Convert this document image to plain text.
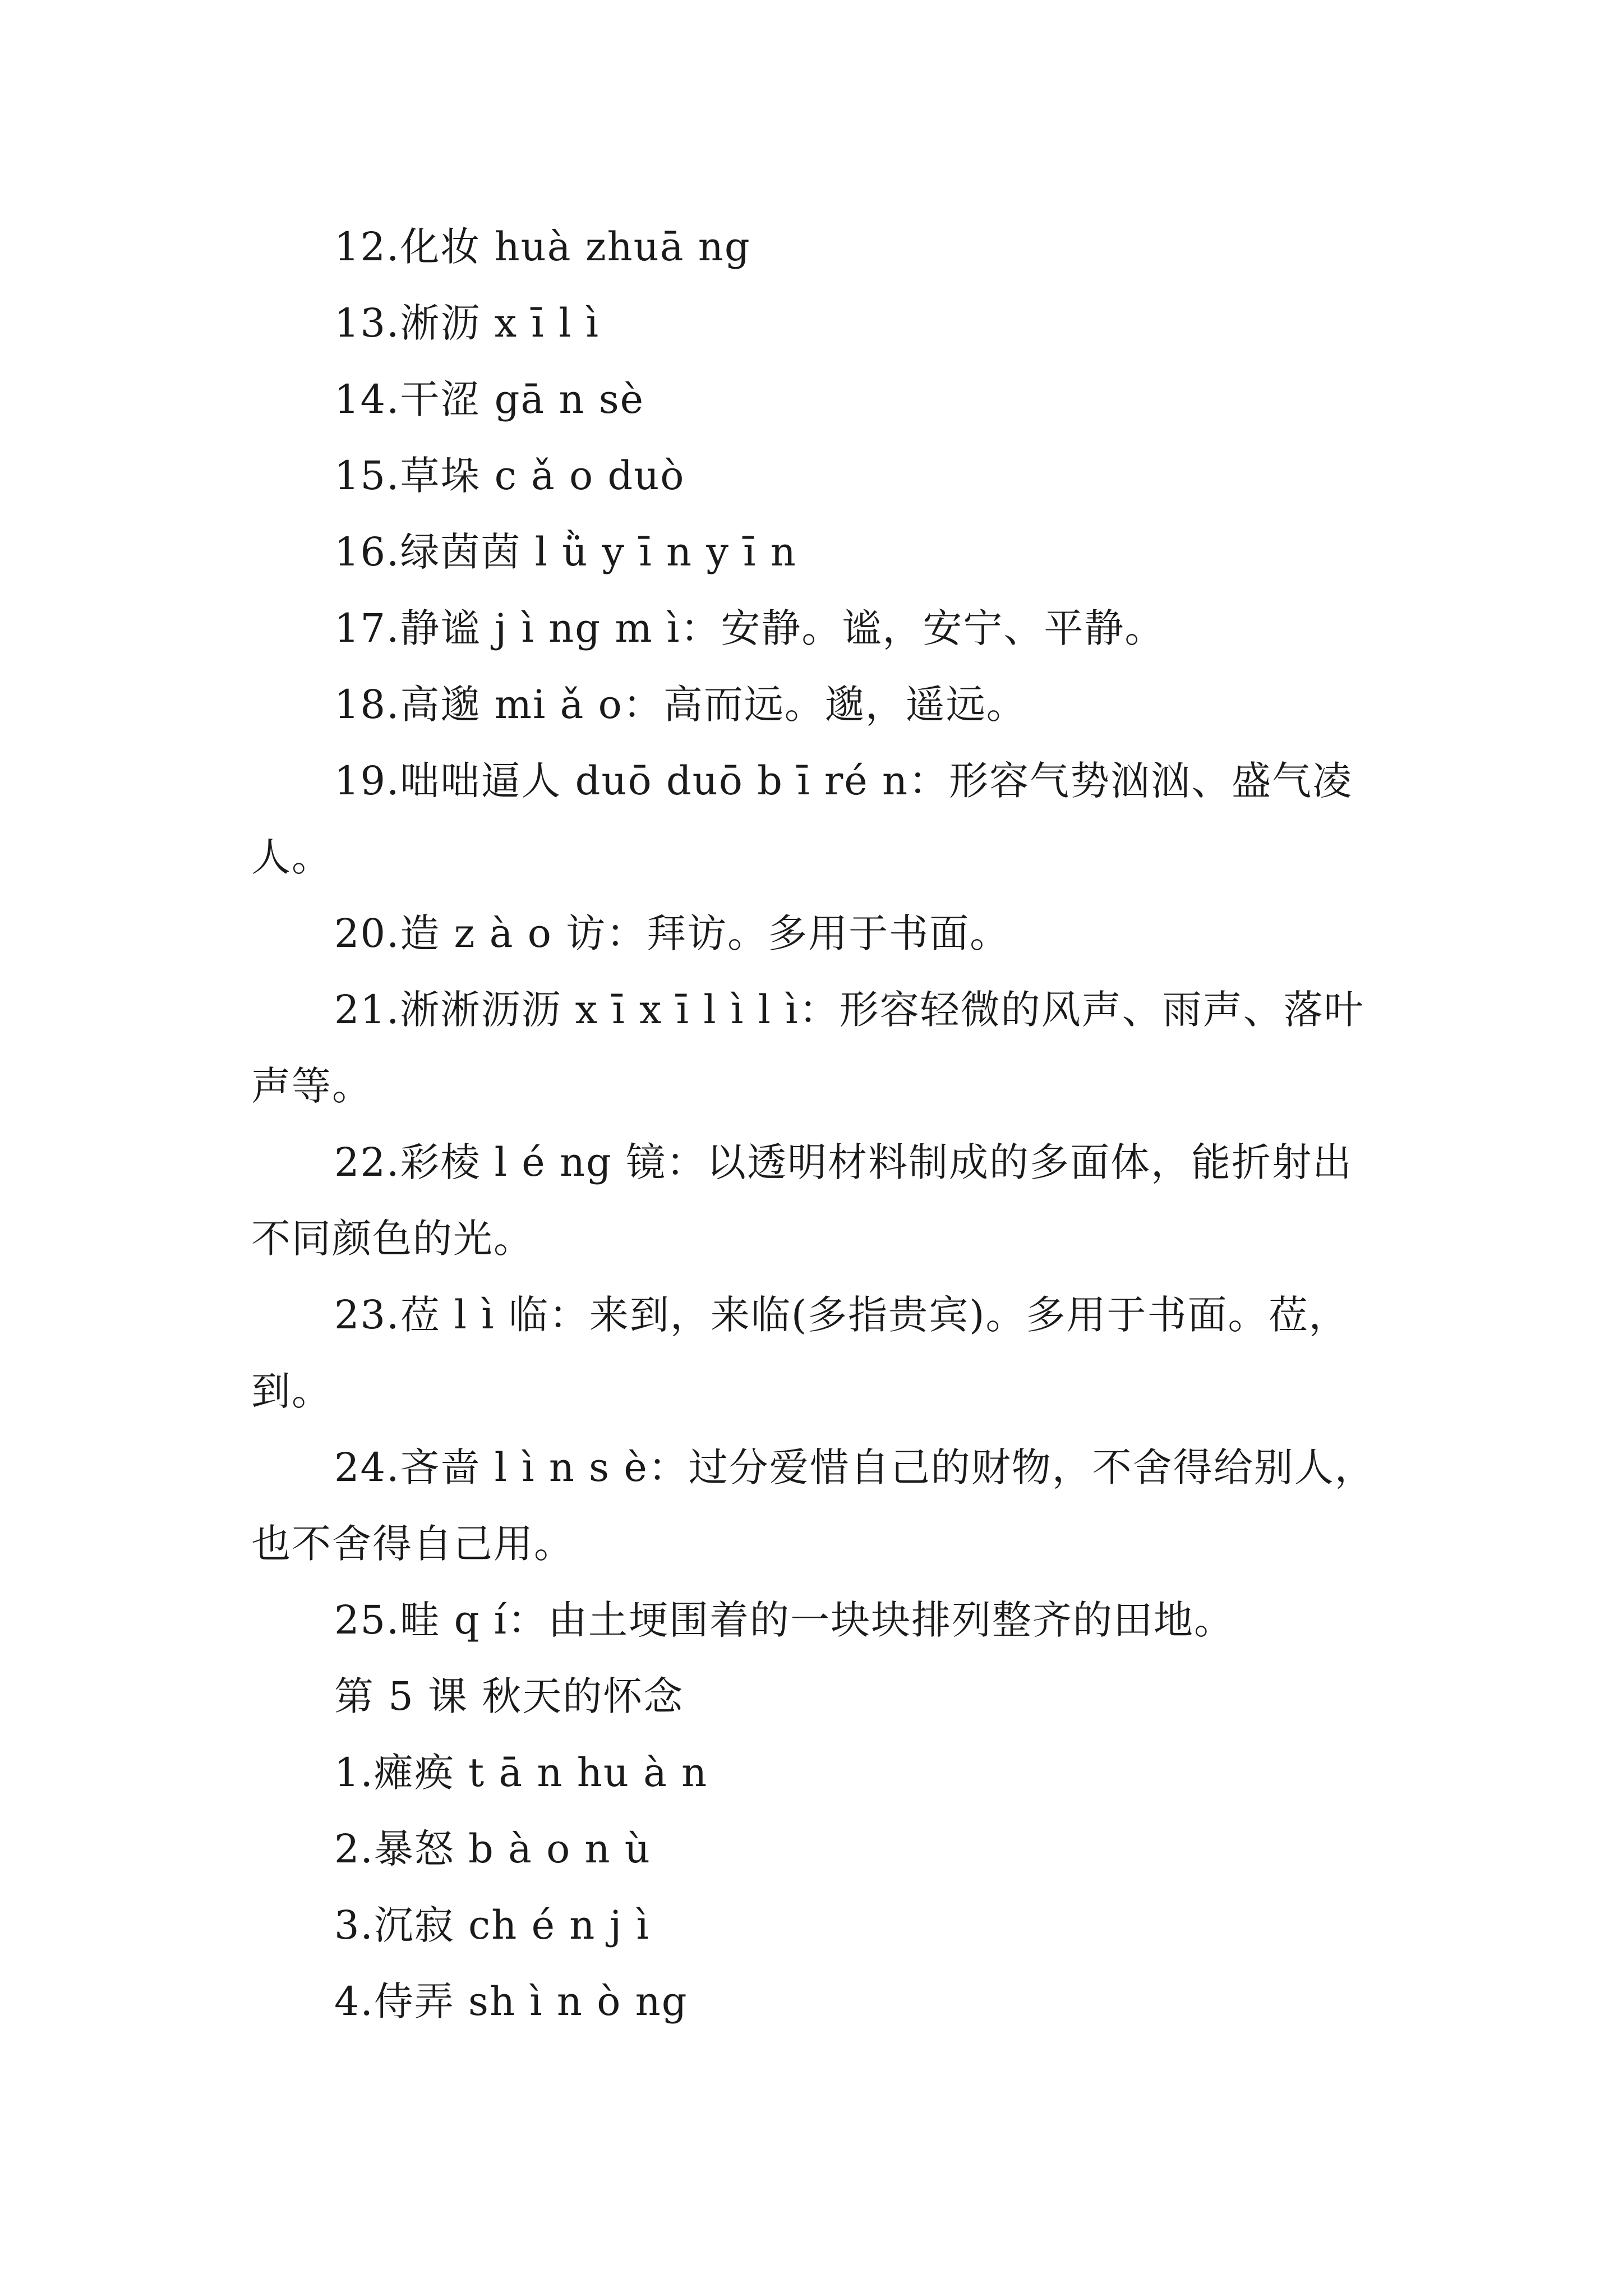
12.化妆 huà zhuā ng

13.淅沥 x ī l ì

14.干涩 gā n sè

15.草垛 c ǎ o duò

16.绿茵茵 l ǜ y ī n y ī n

17.静谧 j ì ng m ì：安静。谧，安宁、平静。

18.高邈 mi ǎ o：高而远。邈，遥远。

19.咄咄逼人 duō duō b ī ré n：形容气势汹汹、盛气凌人。

20.造 z à o 访：拜访。多用于书面。

21.淅淅沥沥 x ī x ī l ì l ì：形容轻微的风声、雨声、落叶声等。

22.彩棱 l é ng 镜：以透明材料制成的多面体，能折射出不同颜色的光。

23.莅 l ì 临：来到，来临(多指贵宾)。多用于书面。莅，到。

24.吝啬 l ì n s è：过分爱惜自己的财物，不舍得给别人，也不舍得自己用。

25.畦 q í：由土埂围着的一块块排列整齐的田地。

第 5 课 秋天的怀念

1.瘫痪 t ā n hu à n

2.暴怒 b à o n ù

3.沉寂 ch é n j ì

4.侍弄 sh ì n ò ng
